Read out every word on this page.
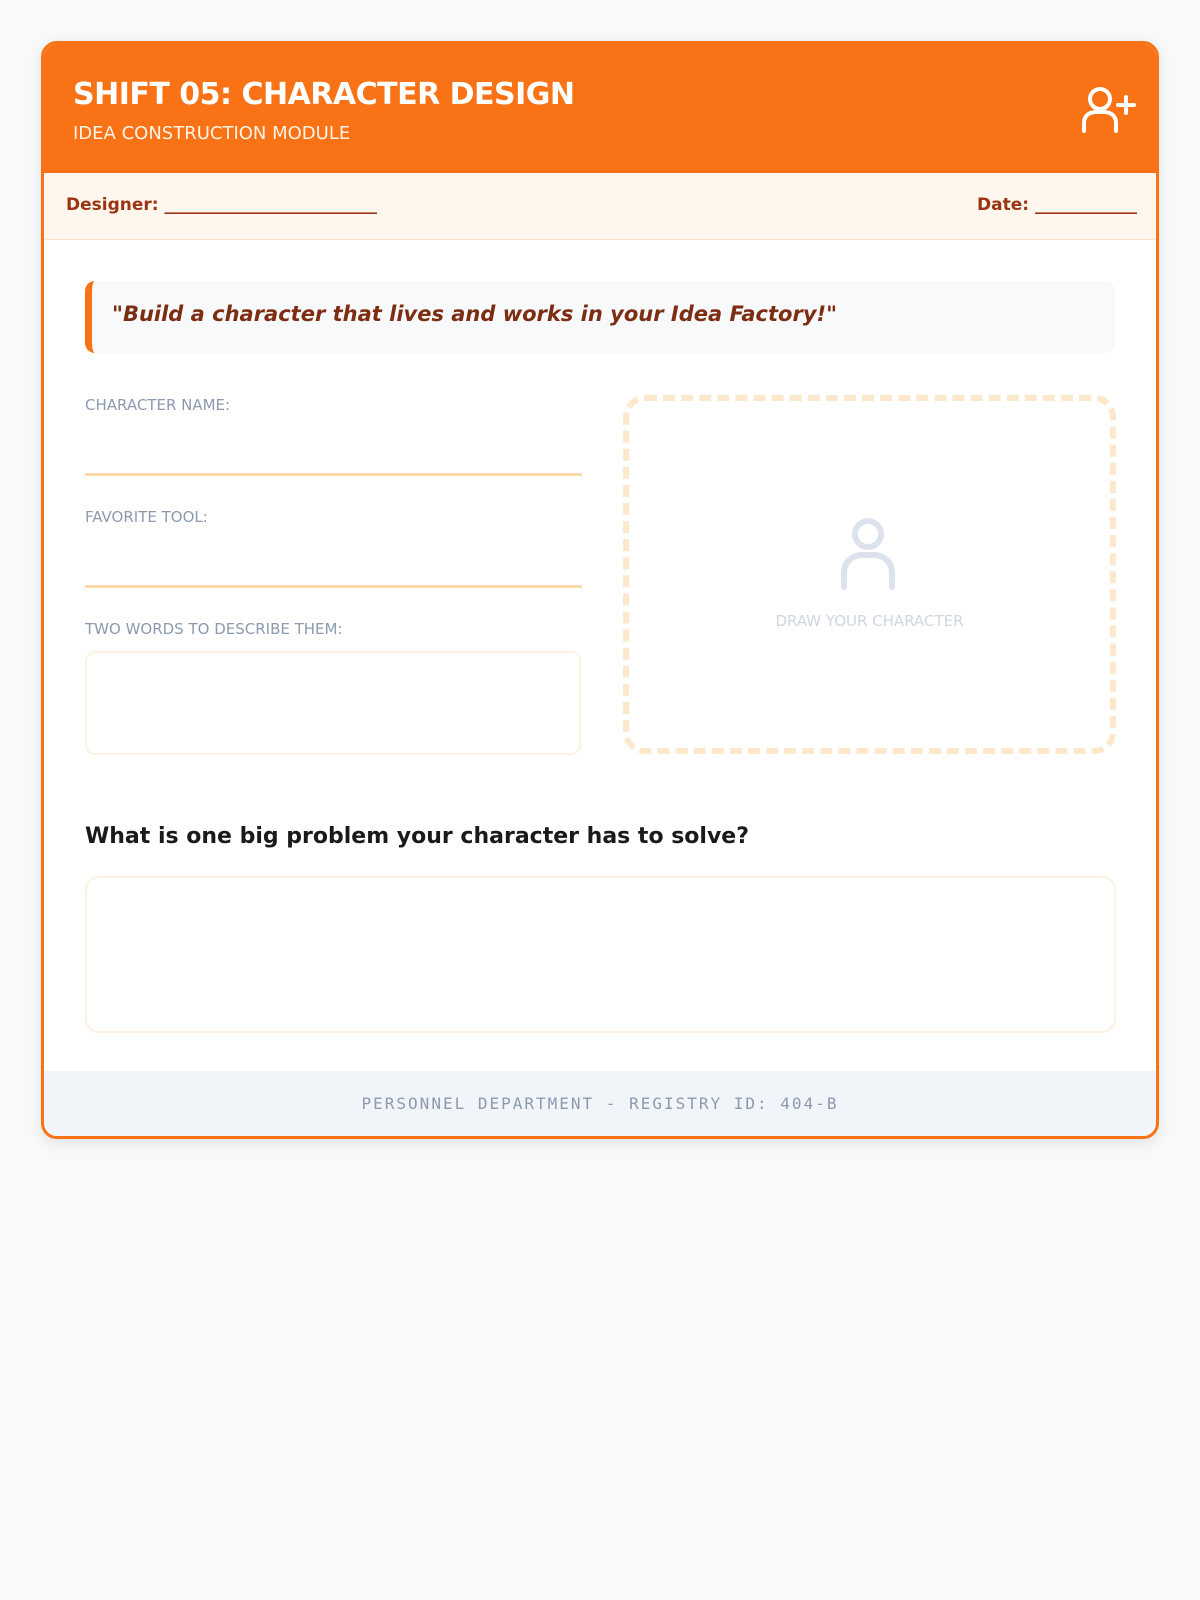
SHIFT 05: CHARACTER DESIGN
IDEA CONSTRUCTION MODULE
Designer: _________________________	Date: ____________
"Build a character that lives and works in your Idea Factory!"
CHARACTER NAME:
FAVORITE TOOL:
TWO WORDS TO DESCRIBE THEM:	DRAW YOUR CHARACTER
What is one big problem your character has to solve?
PERSONNEL DEPARTMENT - REGISTRY ID: 404-B
